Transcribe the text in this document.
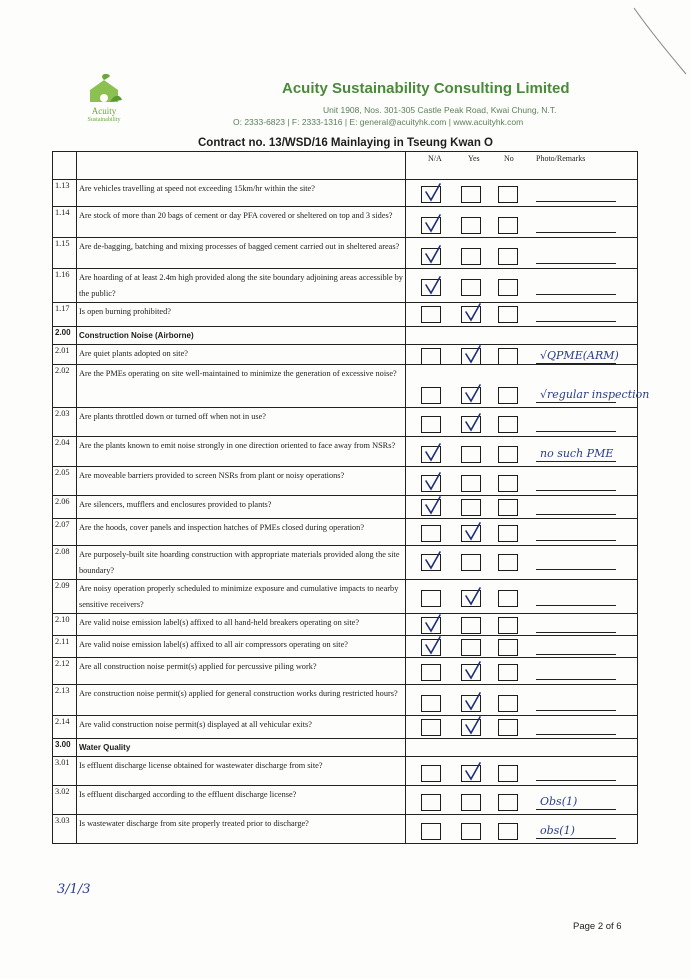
Acuity
Sustainability
Acuity Sustainability Consulting Limited
Unit 1908, Nos. 301-305 Castle Peak Road, Kwai Chung, N.T.
O: 2333-6823 | F: 2333-1316 | E: general@acuityhk.com | www.acuityhk.com
Contract no. 13/WSD/16 Mainlaying in Tseung Kwan O

		N/A Yes No Photo/Remarks

1.13	Are vehicles travelling at speed not exceeding 15km/hr within the site?	

1.14	Are stock of more than 20 bags of cement or day PFA covered or sheltered on top and 3 sides?	

1.15	Are de-bagging, batching and mixing processes of bagged cement carried out in sheltered areas?	

1.16	Are hoarding of at least 2.4m high provided along the site boundary adjoining areas accessible by the public?	

1.17	Is open burning prohibited?	

2.00	Construction Noise (Airborne)	
2.01	Are quiet plants adopted on site?	√QPME(ARM)

2.02	Are the PMEs operating on site well-maintained to minimize the generation of excessive noise?	√regular inspection

2.03	Are plants throttled down or turned off when not in use?	

2.04	Are the plants known to emit noise strongly in one direction oriented to face away from NSRs?	no such PME

2.05	Are moveable barriers provided to screen NSRs from plant or noisy operations?	

2.06	Are silencers, mufflers and enclosures provided to plants?	

2.07	Are the hoods, cover panels and inspection hatches of PMEs closed during operation?	

2.08	Are purposely-built site hoarding construction with appropriate materials provided along the site boundary?	

2.09	Are noisy operation properly scheduled to minimize exposure and cumulative impacts to nearby sensitive receivers?	

2.10	Are valid noise emission label(s) affixed to all hand-held breakers operating on site?	

2.11	Are valid noise emission label(s) affixed to all air compressors operating on site?	

2.12	Are all construction noise permit(s) applied for percussive piling work?	

2.13	Are construction noise permit(s) applied for general construction works during restricted hours?	

2.14	Are valid construction noise permit(s) displayed at all vehicular exits?	

3.00	Water Quality	
3.01	Is effluent discharge license obtained for wastewater discharge from site?	

3.02	Is effluent discharged according to the effluent discharge license?	Obs(1)

3.03	Is wastewater discharge from site properly treated prior to discharge?	obs(1)
3/1/3
Page 2 of 6
